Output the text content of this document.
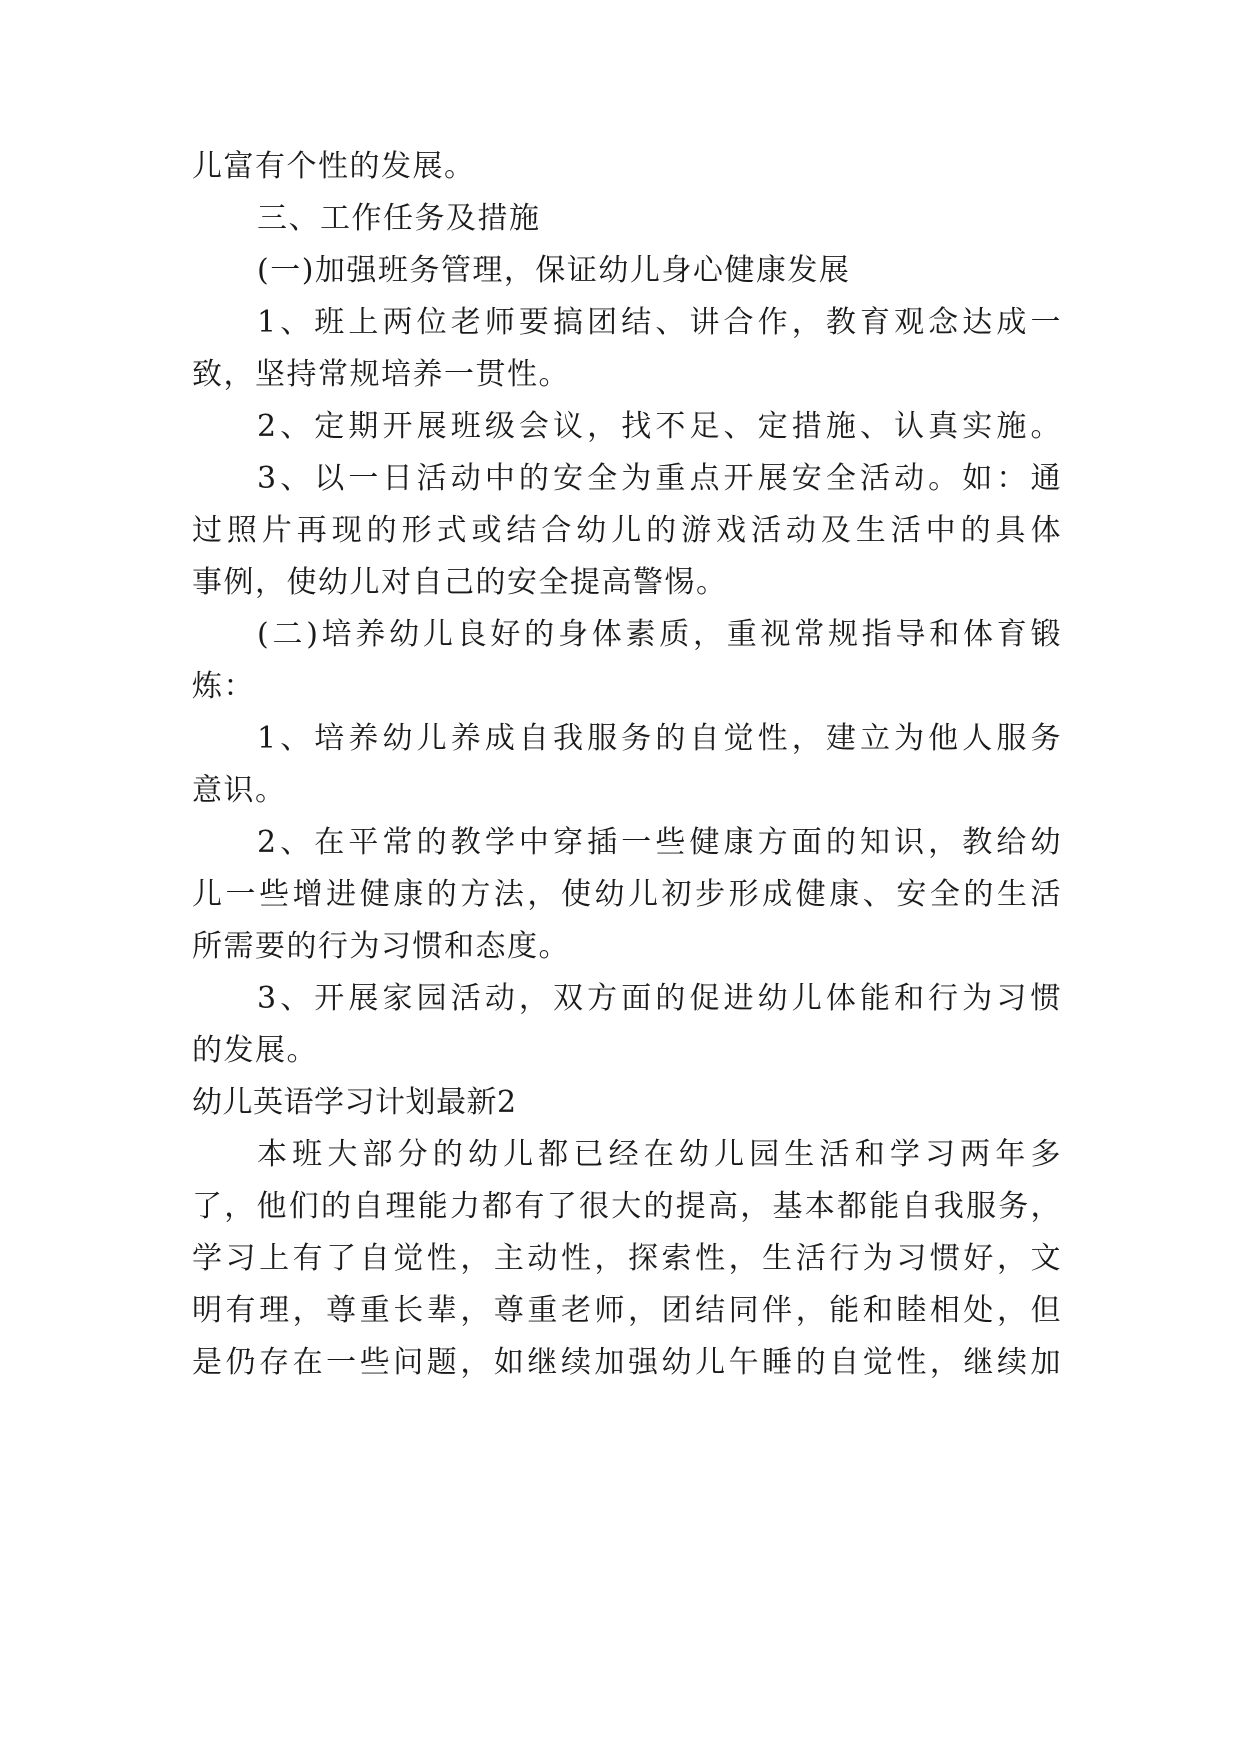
儿富有个性的发展。

三、工作任务及措施

(一)加强班务管理，保证幼儿身心健康发展

1、班上两位老师要搞团结、讲合作，教育观念达成一

致，坚持常规培养一贯性。

2、定期开展班级会议，找不足、定措施、认真实施。

3、以一日活动中的安全为重点开展安全活动。如：通

过照片再现的形式或结合幼儿的游戏活动及生活中的具体

事例，使幼儿对自己的安全提高警惕。

(二)培养幼儿良好的身体素质，重视常规指导和体育锻

炼：

1、培养幼儿养成自我服务的自觉性，建立为他人服务

意识。

2、在平常的教学中穿插一些健康方面的知识，教给幼

儿一些增进健康的方法，使幼儿初步形成健康、安全的生活

所需要的行为习惯和态度。

3、开展家园活动，双方面的促进幼儿体能和行为习惯

的发展。

幼儿英语学习计划最新2

本班大部分的幼儿都已经在幼儿园生活和学习两年多

了，他们的自理能力都有了很大的提高，基本都能自我服务，

学习上有了自觉性，主动性，探索性，生活行为习惯好，文

明有理，尊重长辈，尊重老师，团结同伴，能和睦相处，但

是仍存在一些问题，如继续加强幼儿午睡的自觉性，继续加
